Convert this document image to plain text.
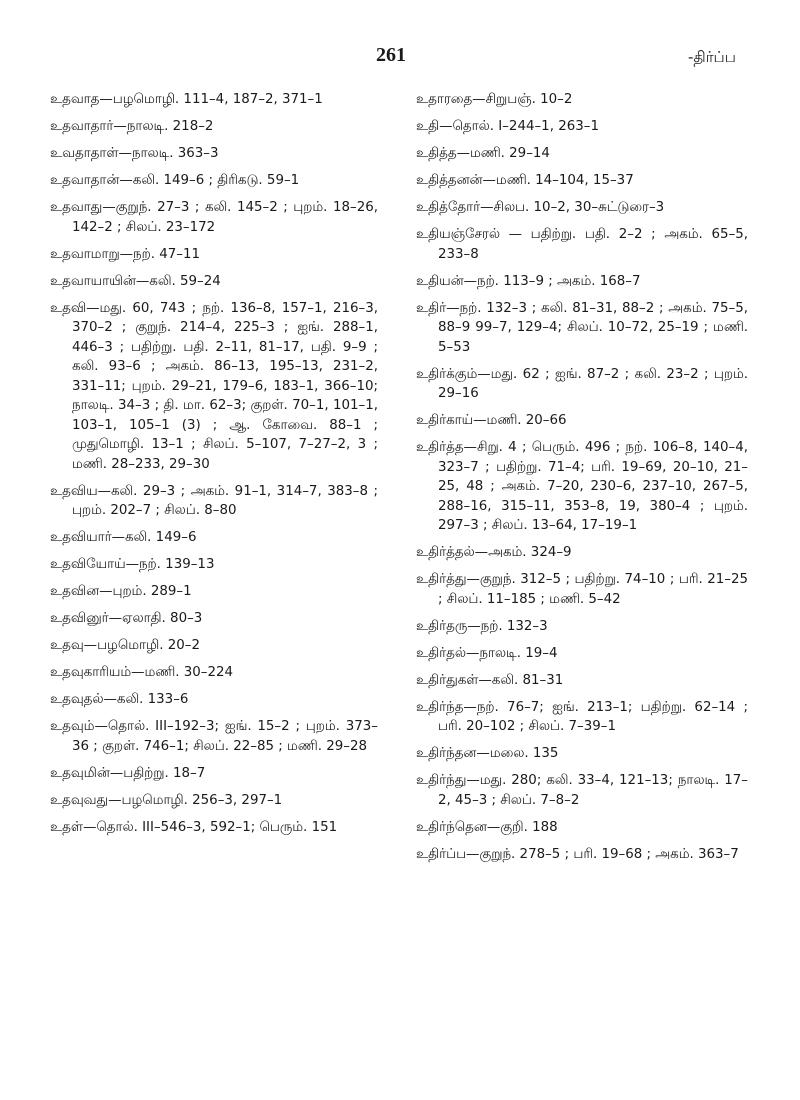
261	-திர்ப்ப
உதவாத—பழமொழி. 111–4, 187–2, 371–1
உதவாதார்—நாலடி. 218–2
உவதாதாள்—நாலடி. 363–3
உதவாதான்—கலி. 149–6 ; திரிகடு. 59–1
உதவாது—குறுந். 27–3 ; கலி. 145–2 ; புறம். 18–26, 142–2 ; சிலப். 23–172
உதவாமாறு—நற். 47–11
உதவாயாயின்—கலி. 59–24
உதவி—மது. 60, 743 ; நற். 136–8, 157–1, 216–3, 370–2 ; குறுந். 214–4, 225–3 ; ஐங். 288–1, 446–3 ; பதிற்று. பதி. 2–11, 81–17, பதி. 9–9 ; கலி. 93–6 ; அகம். 86–13, 195–13, 231–2, 331–11; புறம். 29–21, 179–6, 183–1, 366–10; நாலடி. 34–3 ; தி. மா. 62–3; குறள். 70–1, 101–1, 103–1, 105–1 (3) ; ஆ. கோவை. 88–1 ; முதுமொழி. 13–1 ; சிலப். 5–107, 7–27–2, 3 ; மணி. 28–233, 29–30
உதவிய—கலி. 29–3 ; அகம். 91–1, 314–7, 383–8 ; புறம். 202–7 ; சிலப். 8–80
உதவியார்—கலி. 149–6
உதவியோய்—நற். 139–13
உதவின—புறம். 289–1
உதவினுர்—ஏலாதி. 80–3
உதவு—பழமொழி. 20–2
உதவுகாரியம்—மணி. 30–224
உதவுதல்—கலி. 133–6
உதவும்—தொல். III–192–3; ஐங். 15–2 ; புறம். 373–36 ; குறள். 746–1; சிலப். 22–85 ; மணி. 29–28
உதவுமின்—பதிற்று. 18–7
உதவுவது—பழமொழி. 256–3, 297–1
உதள்—தொல். III–546–3, 592–1; பெரும். 151
உதாரதை—சிறுபஞ். 10–2
உதி—தொல். I–244–1, 263–1
உதித்த—மணி. 29–14
உதித்தனன்—மணி. 14–104, 15–37
உதித்தோர்—சிலப. 10–2, 30–சுட்டுரை–3
உதியஞ்சேரல் — பதிற்று. பதி. 2–2 ; அகம். 65–5, 233–8
உதியன்—நற். 113–9 ; அகம். 168–7
உதிர்—நற். 132–3 ; கலி. 81–31, 88–2 ; அகம். 75–5, 88–9 99–7, 129–4; சிலப். 10–72, 25–19 ; மணி. 5–53
உதிர்க்கும்—மது. 62 ; ஐங். 87–2 ; கலி. 23–2 ; புறம். 29–16
உதிர்காய்—மணி. 20–66
உதிர்த்த—சிறு. 4 ; பெரும். 496 ; நற். 106–8, 140–4, 323–7 ; பதிற்று. 71–4; பரி. 19–69, 20–10, 21–25, 48 ; அகம். 7–20, 230–6, 237–10, 267–5, 288–16, 315–11, 353–8, 19, 380–4 ; புறம். 297–3 ; சிலப். 13–64, 17–19–1
உதிர்த்தல்—அகம். 324–9
உதிர்த்து—குறுந். 312–5 ; பதிற்று. 74–10 ; பரி. 21–25 ; சிலப். 11–185 ; மணி. 5–42
உதிர்தரு—நற். 132–3
உதிர்தல்—நாலடி. 19–4
உதிர்துகள்—கலி. 81–31
உதிர்ந்த—நற். 76–7; ஐங். 213–1; பதிற்று. 62–14 ; பரி. 20–102 ; சிலப். 7–39–1
உதிர்ந்தன—மலை. 135
உதிர்ந்து—மது. 280; கலி. 33–4, 121–13; நாலடி. 17–2, 45–3 ; சிலப். 7–8–2
உதிர்ந்தென—குறி. 188
உதிர்ப்ப—குறுந். 278–5 ; பரி. 19–68 ; அகம். 363–7
